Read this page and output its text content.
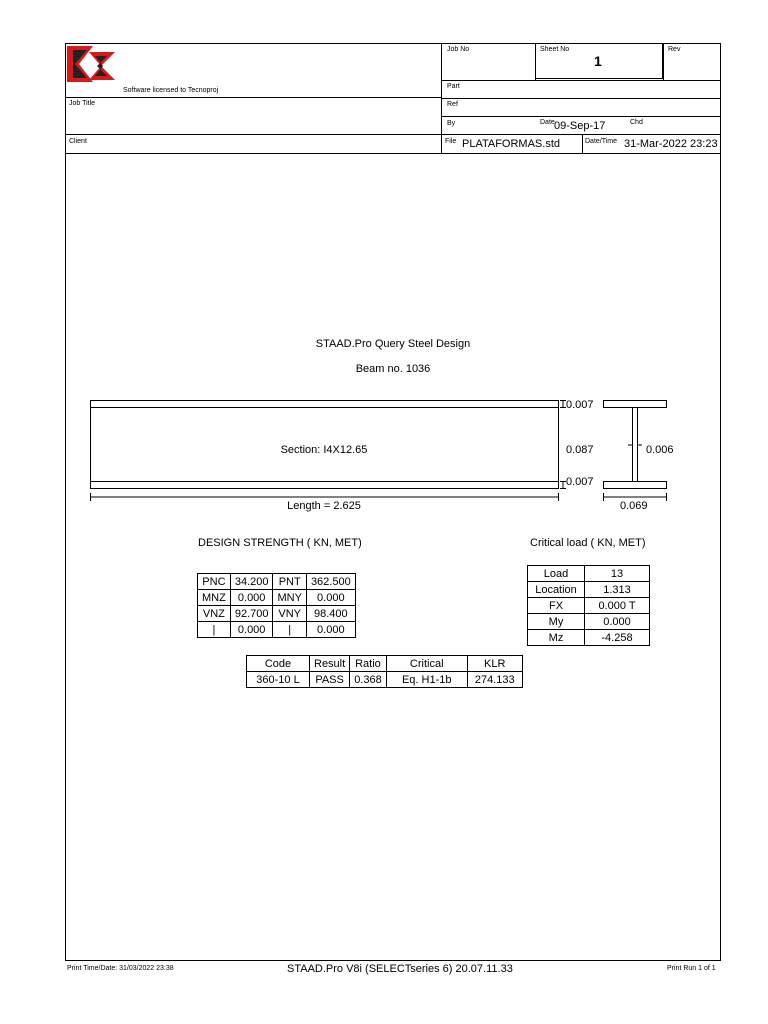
Software licensed to Tecnoproj
Job No	Sheet No
1
Rev
Part
Job Title	Ref
By	Date 09-Sep-17	Chd
Client	File PLATAFORMAS.std	Date/Time 31-Mar-2022 23:23
STAAD.Pro Query Steel Design
Beam no. 1036
0.007
0.087
0.007
0.006
0.069
Section: I4X12.65
Length = 2.625
DESIGN STRENGTH ( KN, MET)	Critical load ( KN, MET)
PNC	34.200	PNT	362.500
MNZ	0.000	MNY	0.000
VNZ	92.700	VNY	98.400
|	0.000	|	0.000
Load	13
Location	1.313
FX	0.000 T
My	0.000
Mz	-4.258
Code	Result	Ratio	Critical	KLR
360-10 L	PASS	0.368	Eq. H1-1b	274.133
Print Time/Date: 31/03/2022 23:38	STAAD.Pro V8i (SELECTseries 6) 20.07.11.33	Print Run 1 of 1
